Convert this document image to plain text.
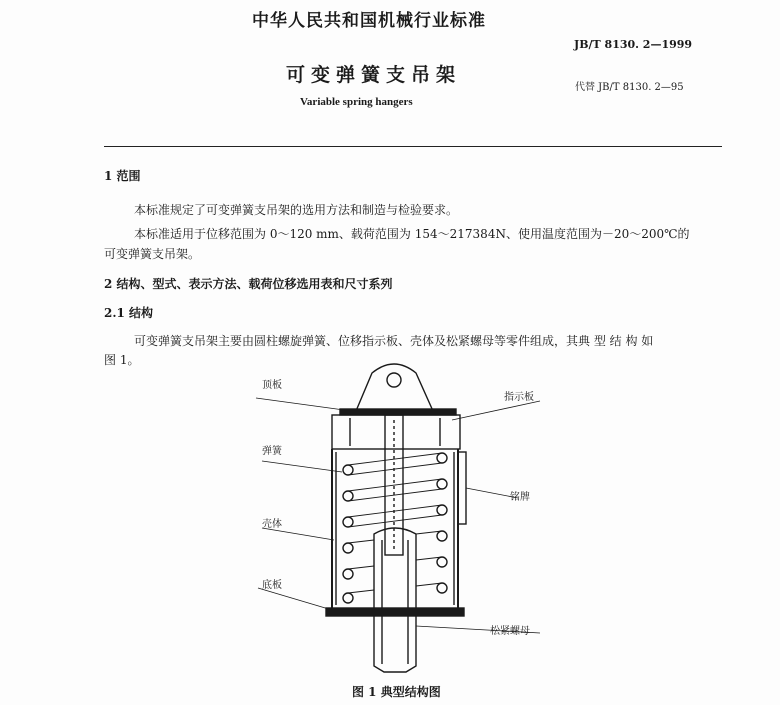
中华人民共和国机械行业标准
JB/T 8130. 2—1999
可变弹簧支吊架
代替 JB/T 8130. 2—95
Variable spring hangers
1 范围
本标准规定了可变弹簧支吊架的选用方法和制造与检验要求。
本标准适用于位移范围为 0～120 mm、载荷范围为 154～217384N、使用温度范围为－20～200℃的
可变弹簧支吊架。
2 结构、型式、表示方法、载荷位移选用表和尺寸系列
2.1 结构
可变弹簧支吊架主要由圆柱螺旋弹簧、位移指示板、壳体及松紧螺母等零件组成，其典 型 结 构 如
图 1。
顶板
弹簧
壳体
底板
指示板
铭牌
松紧螺母
图 1 典型结构图
